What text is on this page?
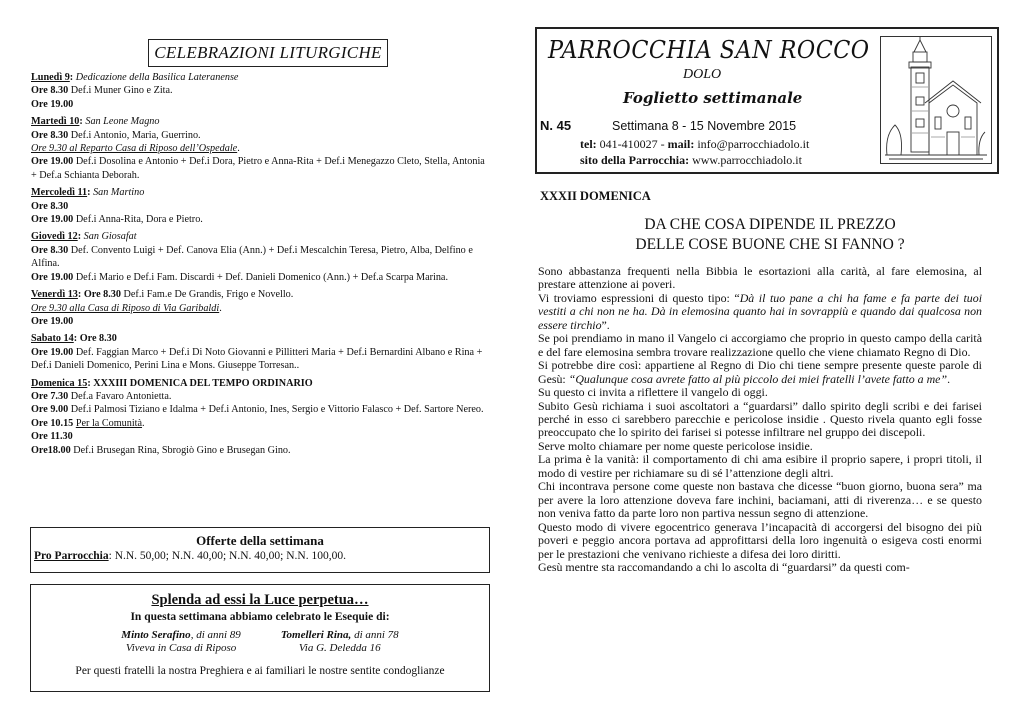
CELEBRAZIONI LITURGICHE

Lunedì 9: Dedicazione della Basilica Lateranense

Ore 8.30 Def.i Muner Gino e Zita.

Ore 19.00

Martedì 10: San Leone Magno

Ore 8.30 Def.i Antonio, Maria, Guerrino.

Ore 9.30 al Reparto Casa di Riposo dell’Ospedale.

Ore 19.00 Def.i Dosolina e Antonio + Def.i Dora, Pietro e Anna-Rita + Def.i Menegazzo Cleto, Stella, Antonia + Def.a Schianta Deborah.

Mercoledì 11: San Martino

Ore 8.30

Ore 19.00 Def.i Anna-Rita, Dora e Pietro.

Giovedì 12: San Giosafat

Ore 8.30 Def. Convento Luigi + Def. Canova Elia (Ann.) + Def.i Mescalchin Teresa, Pietro, Alba, Delfino e Alfina.

Ore 19.00 Def.i Mario e Def.i Fam. Discardi + Def. Danieli Domenico (Ann.) + Def.a Scarpa Marina.

Venerdì 13: Ore 8.30 Def.i Fam.e De Grandis, Frigo e Novello.

Ore 9.30 alla Casa di Riposo di Via Garibaldi.

Ore 19.00

Sabato 14: Ore 8.30

Ore 19.00 Def. Faggian Marco + Def.i Di Noto Giovanni e Pillitteri Maria + Def.i Bernardini Albano e Rina + Def.i Danieli Domenico, Perini Lina e Mons. Giuseppe Torresan..

Domenica 15: XXXIII DOMENICA DEL TEMPO ORDINARIO

Ore 7.30 Def.a Favaro Antonietta.

Ore 9.00 Def.i Palmosi Tiziano e Idalma + Def.i Antonio, Ines, Sergio e Vittorio Falasco + Def. Sartore Nereo.

Ore 10.15 Per la Comunità.

Ore 11.30

Ore18.00 Def.i Brusegan Rina, Sbrogiò Gino e Brusegan Gino.

Offerte della settimana
Pro Parrocchia: N.N. 50,00; N.N. 40,00; N.N. 40,00; N.N. 100,00.
Splenda ad essi la Luce perpetua…
In questa settimana abbiamo celebrato le Esequie di:
Minto Serafino, di anni 89
Viveva in Casa di Riposo
Tomelleri Rina, di anni 78
Via G. Deledda 16
Per questi fratelli la nostra Preghiera e ai familiari le nostre sentite condoglianze
PARROCCHIA SAN ROCCO
DOLO
Foglietto settimanale
N. 45	Settimana 8 - 15 Novembre 2015
tel: 041-410027 - mail: info@parrocchiadolo.it
sito della Parrocchia: www.parrocchiadolo.it
XXXII DOMENICA
DA CHE COSA DIPENDE IL PREZZO
DELLE COSE BUONE CHE SI FANNO ?

Sono abbastanza frequenti nella Bibbia le esortazioni alla carità, al fare elemosina, al prestare attenzione ai poveri.

Vi troviamo espressioni di questo tipo: “Dà il tuo pane a chi ha fame e fa parte dei tuoi vestiti a chi non ne ha. Dà in elemosina quanto hai in sovrappiù e quando dai qualcosa non essere tirchio”.

Se poi prendiamo in mano il Vangelo ci accorgiamo che proprio in questo campo della carità e del fare elemosina sembra trovare realizzazione quello che viene chiamato Regno di Dio.

Si potrebbe dire così: appartiene al Regno di Dio chi tiene sempre presente queste parole di Gesù: “Qualunque cosa avrete fatto al più piccolo dei miei fratelli l’avete fatto a me”.

Su questo ci invita a riflettere il vangelo di oggi.

Subito Gesù richiama i suoi ascoltatori a “guardarsi” dallo spirito degli scribi e dei farisei perché in esso ci sarebbero parecchie e pericolose insidie . Questo rivela quanto egli fosse preoccupato che lo spirito dei farisei si potesse infiltrare nel gruppo dei discepoli.

Serve molto chiamare per nome queste pericolose insidie.

La prima è la vanità: il comportamento di chi ama esibire il proprio sapere, i propri titoli, il modo di vestire per richiamare su di sé l’attenzione degli altri.

Chi incontrava persone come queste non bastava che dicesse “buon giorno, buona sera” ma per avere la loro attenzione doveva fare inchini, baciamani, atti di riverenza… e se questo non veniva fatto da parte loro non partiva nessun segno di attenzione.

Questo modo di vivere egocentrico generava l’incapacità di accorgersi del bisogno dei più poveri e peggio ancora portava ad approfittarsi della loro ingenuità o esigeva costi enormi per le prestazioni che venivano richieste a difesa dei loro diritti.

Gesù mentre sta raccomandando a chi lo ascolta di “guardarsi” da questi com-
